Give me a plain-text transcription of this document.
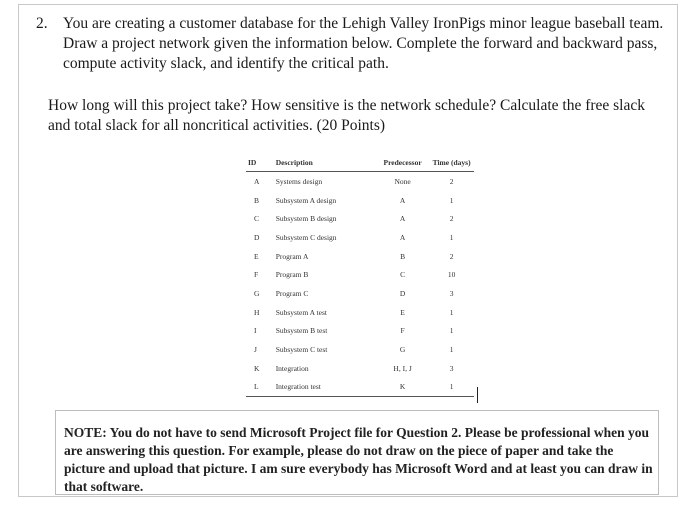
2. You are creating a customer database for the Lehigh Valley IronPigs minor league baseball team. Draw a project network given the information below. Complete the forward and backward pass, compute activity slack, and identify the critical path.
How long will this project take? How sensitive is the network schedule? Calculate the free slack and total slack for all noncritical activities. (20 Points)
ID	Description	Predecessor	Time (days)
A	Systems design	None	2
B	Subsystem A design	A	1
C	Subsystem B design	A	2
D	Subsystem C design	A	1
E	Program A	B	2
F	Program B	C	10
G	Program C	D	3
H	Subsystem A test	E	1
I	Subsystem B test	F	1
J	Subsystem C test	G	1
K	Integration	H, I, J	3
L	Integration test	K	1
NOTE: You do not have to send Microsoft Project file for Question 2. Please be professional when you are answering this question. For example, please do not draw on the piece of paper and take the picture and upload that picture. I am sure everybody has Microsoft Word and at least you can draw in that software.
